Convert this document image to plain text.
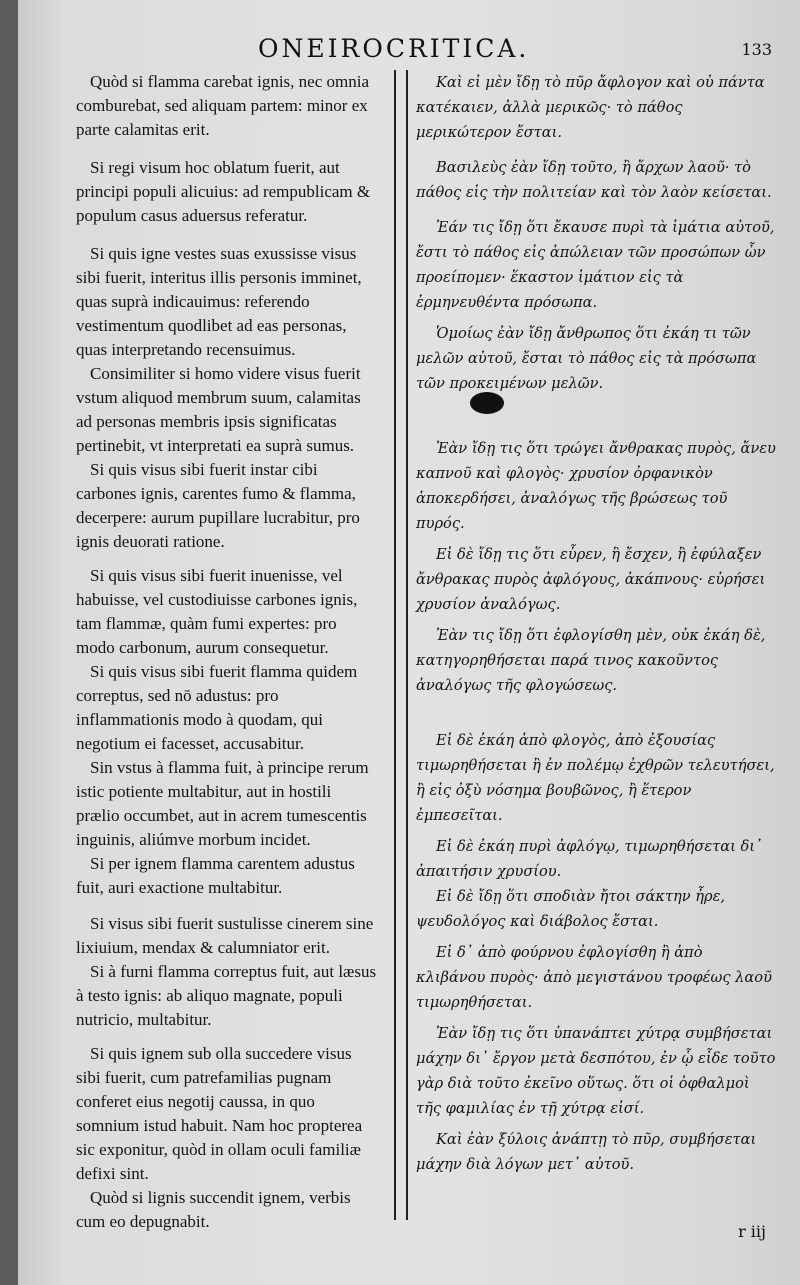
ONEIROCRITICA.	133

Quòd si flamma carebat ignis, nec omnia comburebat, sed aliquam partem: minor ex parte calamitas erit.

Si regi visum hoc oblatum fuerit, aut principi populi alicuius: ad rempublicam & populum casus aduersus referatur.

Si quis igne vestes suas exussisse visus sibi fuerit, interitus illis personis imminet, quas suprà indicauimus: referendo vestimentum quodlibet ad eas personas, quas interpretando recensuimus.

Consimiliter si homo videre visus fuerit vstum aliquod membrum suum, calamitas ad personas membris ipsis significatas pertinebit, vt interpretati ea suprà sumus.

Si quis visus sibi fuerit instar cibi carbones ignis, carentes fumo & flamma, decerpere: aurum pupillare lucrabitur, pro ignis deuorati ratione.

Si quis visus sibi fuerit inuenisse, vel habuisse, vel custodiuisse carbones ignis, tam flammæ, quàm fumi expertes: pro modo carbonum, aurum consequetur.

Si quis visus sibi fuerit flamma quidem correptus, sed nō adustus: pro inflammationis modo à quodam, qui negotium ei facesset, accusabitur.

Sin vstus à flamma fuit, à principe rerum istic potiente multabitur, aut in hostili prælio occumbet, aut in acrem tumescentis inguinis, aliúmve morbum incidet.

Si per ignem flamma carentem adustus fuit, auri exactione multabitur.

Si visus sibi fuerit sustulisse cinerem sine lixiuium, mendax & calumniator erit.

Si à furni flamma correptus fuit, aut læsus à testo ignis: ab aliquo magnate, populi nutricio, multabitur.

Si quis ignem sub olla succedere visus sibi fuerit, cum patrefamilias pugnam conferet eius negotij caussa, in quo somnium istud habuit. Nam hoc propterea sic exponitur, quòd in ollam oculi familiæ defixi sint.

Quòd si lignis succendit ignem, verbis cum eo depugnabit.

Καὶ εἰ μὲν ἴδῃ τὸ πῦρ ἄφλογον καὶ οὐ πάντα κατέκαιεν, ἀλλὰ μερικῶς· τὸ πάθος μερικώτερον ἔσται.

Βασιλεὺς ἐὰν ἴδῃ τοῦτο, ἢ ἄρχων λαοῦ· τὸ πάθος εἰς τὴν πολιτείαν καὶ τὸν λαὸν κείσεται.

Ἐάν τις ἴδῃ ὅτι ἔκαυσε πυρὶ τὰ ἱμάτια αὐτοῦ, ἔστι τὸ πάθος εἰς ἀπώλειαν τῶν προσώπων ὧν προείπομεν· ἕκαστον ἱμάτιον εἰς τὰ ἑρμηνευθέντα πρόσωπα.

Ὁμοίως ἐὰν ἴδῃ ἄνθρωπος ὅτι ἐκάη τι τῶν μελῶν αὐτοῦ, ἔσται τὸ πάθος εἰς τὰ πρόσωπα τῶν προκειμένων μελῶν.

Ἐὰν ἴδῃ τις ὅτι τρώγει ἄνθρακας πυρὸς, ἄνευ καπνοῦ καὶ φλογὸς· χρυσίον ὀρφανικὸν ἀποκερδήσει, ἀναλόγως τῆς βρώσεως τοῦ πυρός.

Εἰ δὲ ἴδῃ τις ὅτι εὗρεν, ἢ ἔσχεν, ἢ ἐφύλαξεν ἄνθρακας πυρὸς ἀφλόγους, ἀκάπνους· εὑρήσει χρυσίον ἀναλόγως.

Ἐὰν τις ἴδῃ ὅτι ἐφλογίσθη μὲν, οὐκ ἐκάη δὲ, κατηγορηθήσεται παρά τινος κακοῦντος ἀναλόγως τῆς φλογώσεως.

Εἰ δὲ ἐκάη ἀπὸ φλογὸς, ἀπὸ ἐξουσίας τιμωρηθήσεται ἢ ἐν πολέμῳ ἐχθρῶν τελευτήσει, ἢ εἰς ὀξὺ νόσημα βουβῶνος, ἢ ἕτερον ἐμπεσεῖται.

Εἰ δὲ ἐκάη πυρὶ ἀφλόγῳ, τιμωρηθήσεται δι᾽ ἀπαιτήσιν χρυσίου.

Εἰ δὲ ἴδῃ ὅτι σποδιὰν ἤτοι σάκτην ἦρε, ψευδολόγος καὶ διάβολος ἔσται.

Εἰ δ᾽ ἀπὸ φούρνου ἐφλογίσθη ἢ ἀπὸ κλιβάνου πυρὸς· ἀπὸ μεγιστάνου τροφέως λαοῦ τιμωρηθήσεται.

Ἐὰν ἴδῃ τις ὅτι ὑπανάπτει χύτρᾳ συμβήσεται μάχην δι᾽ ἔργον μετὰ δεσπότου, ἐν ᾧ εἶδε τοῦτο γὰρ διὰ τοῦτο ἐκεῖνο οὕτως. ὅτι οἱ ὀφθαλμοὶ τῆς φαμιλίας ἐν τῇ χύτρᾳ εἰσί.

Καὶ ἐὰν ξύλοις ἀνάπτῃ τὸ πῦρ, συμβήσεται μάχην διὰ λόγων μετ᾽ αὐτοῦ.

r iij
